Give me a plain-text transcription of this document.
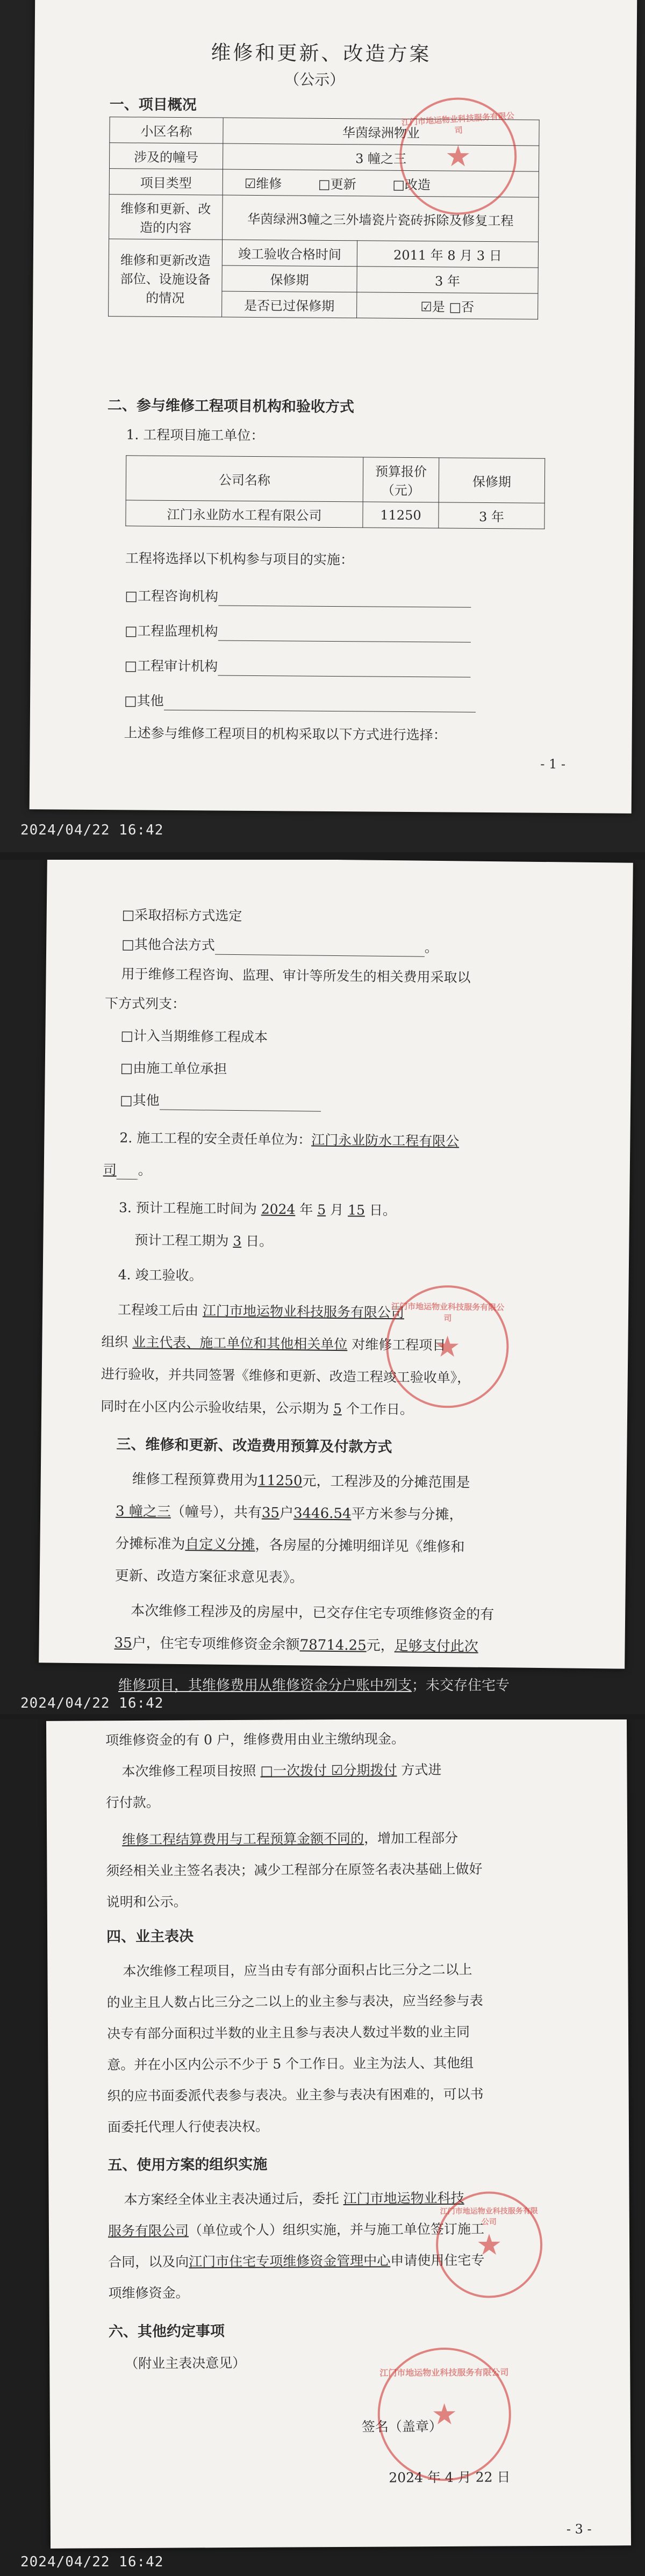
维修和更新、改造方案
（公示）
一、项目概况
小区名称	华茵绿洲物业	
涉及的幢号	3 幢之三	
项目类型	☑维修 □更新 □改造	
维修和更新、改造的内容	华茵绿洲3幢之三外墙瓷片瓷砖拆除及修复工程	
维修和更新改造部位、设施设备的情况	竣工验收合格时间	2011 年 8 月 3 日
	保修期	3 年
	是否已过保修期	☑是 □否
二、参与维修工程项目机构和验收方式
1. 工程项目施工单位：
公司名称	预算报价（元）	保修期
江门永业防水工程有限公司	11250	3 年
工程将选择以下机构参与项目的实施：
□工程咨询机构
□工程监理机构
□工程审计机构
□其他
上述参与维修工程项目的机构采取以下方式进行选择：
- 1 -
江门市地运物业科技服务有限公司
★
2024/04/22 16:42
□采取招标方式选定
□其他合法方式	。
用于维修工程咨询、监理、审计等所发生的相关费用采取以
下方式列支：
□计入当期维修工程成本
□由施工单位承担
□其他
2. 施工工程的安全责任单位为：江门永业防水工程有限公
司 。
3. 预计工程施工时间为 2024 年 5 月 15 日。
预计工程工期为 3 日。
4. 竣工验收。
工程竣工后由 江门市地运物业科技服务有限公司
组织 业主代表、施工单位和其他相关单位 对维修工程项目
进行验收，并共同签署《维修和更新、改造工程竣工验收单》，
同时在小区内公示验收结果，公示期为 5 个工作日。
三、维修和更新、改造费用预算及付款方式
维修工程预算费用为11250元，工程涉及的分摊范围是
3 幢之三（幢号），共有35户3446.54平方米参与分摊，
分摊标准为自定义分摊，各房屋的分摊明细详见《维修和
更新、改造方案征求意见表》。
本次维修工程涉及的房屋中，已交存住宅专项维修资金的有
35户，住宅专项维修资金余额78714.25元，足够支付此次
江门市地运物业科技服务有限公司
★
维修项目，其维修费用从维修资金分户账中列支；未交存住宅专
2024/04/22 16:42
项维修资金的有 0 户，维修费用由业主缴纳现金。
本次维修工程项目按照 □一次拨付 ☑分期拨付 方式进
行付款。
维修工程结算费用与工程预算金额不同的，增加工程部分
须经相关业主签名表决；减少工程部分在原签名表决基础上做好
说明和公示。
四、业主表决
本次维修工程项目，应当由专有部分面积占比三分之二以上
的业主且人数占比三分之二以上的业主参与表决，应当经参与表
决专有部分面积过半数的业主且参与表决人数过半数的业主同
意。并在小区内公示不少于 5 个工作日。业主为法人、其他组
织的应书面委派代表参与表决。业主参与表决有困难的，可以书
面委托代理人行使表决权。
五、使用方案的组织实施
本方案经全体业主表决通过后，委托 江门市地运物业科技
服务有限公司（单位或个人）组织实施，并与施工单位签订施工
合同，以及向江门市住宅专项维修资金管理中心申请使用住宅专
项维修资金。
六、其他约定事项
（附业主表决意见）
签名（盖章）
2024 年 4 月 22 日
- 3 -
江门市地运物业科技服务有限公司
★
江门市地运物业科技服务有限公司
★
2024/04/22 16:42
